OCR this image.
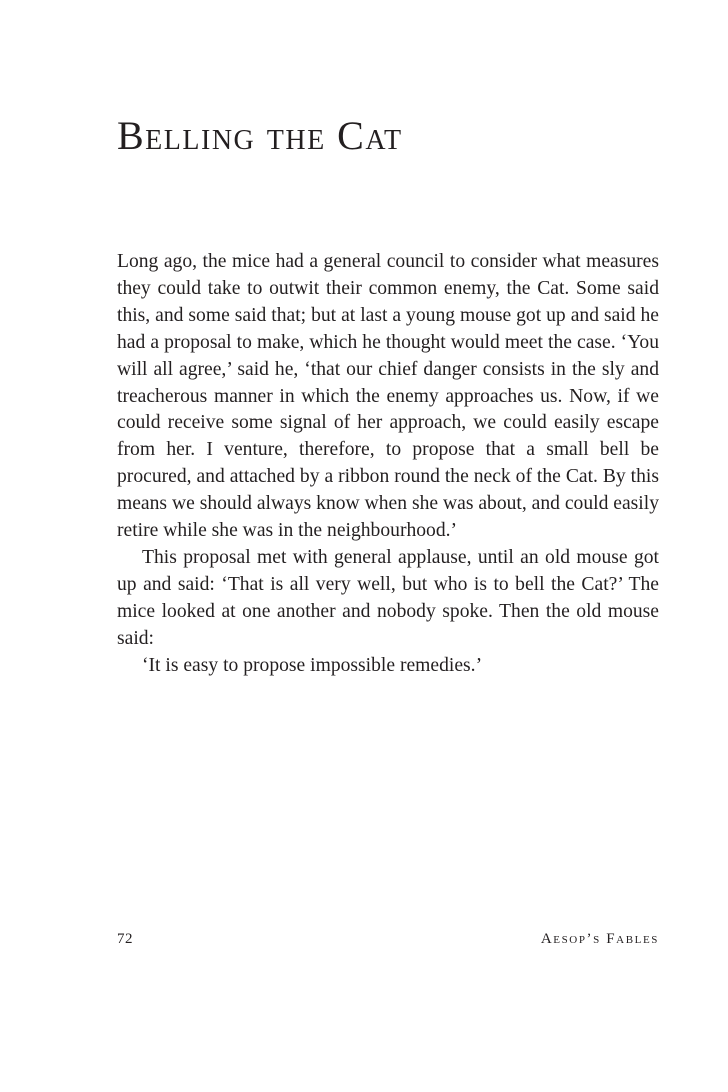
Belling the Cat

Long ago, the mice had a general council to consider what measures they could take to outwit their common enemy, the Cat. Some said this, and some said that; but at last a young mouse got up and said he had a proposal to make, which he thought would meet the case. ‘You will all agree,’ said he, ‘that our chief danger consists in the sly and treacherous manner in which the enemy approaches us. Now, if we could receive some signal of her approach, we could easily escape from her. I venture, therefore, to propose that a small bell be procured, and attached by a ribbon round the neck of the Cat. By this means we should always know when she was about, and could easily retire while she was in the neighbourhood.’

This proposal met with general applause, until an old mouse got up and said: ‘That is all very well, but who is to bell the Cat?’ The mice looked at one another and nobody spoke. Then the old mouse said:

‘It is easy to propose impossible remedies.’

72	Aesop’s Fables
